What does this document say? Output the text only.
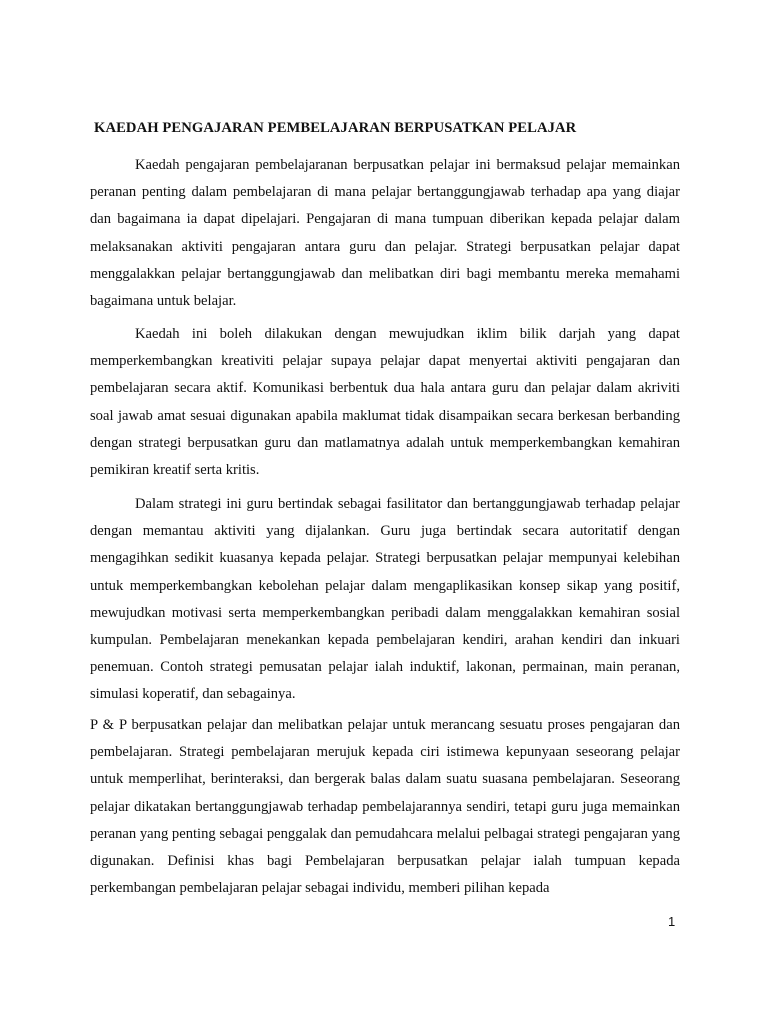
KAEDAH PENGAJARAN PEMBELAJARAN BERPUSATKAN PELAJAR

Kaedah pengajaran pembelajaranan berpusatkan pelajar ini bermaksud pelajar memainkan peranan penting dalam pembelajaran di mana pelajar bertanggungjawab terhadap apa yang diajar dan bagaimana ia dapat dipelajari. Pengajaran di mana tumpuan diberikan kepada pelajar dalam melaksanakan aktiviti pengajaran antara guru dan pelajar. Strategi berpusatkan pelajar dapat menggalakkan pelajar bertanggungjawab dan melibatkan diri bagi membantu mereka memahami bagaimana untuk belajar.

Kaedah ini boleh dilakukan dengan mewujudkan iklim bilik darjah yang dapat memperkembangkan kreativiti pelajar supaya pelajar dapat menyertai aktiviti pengajaran dan pembelajaran secara aktif. Komunikasi berbentuk dua hala antara guru dan pelajar dalam akriviti soal jawab amat sesuai digunakan apabila maklumat tidak disampaikan secara berkesan berbanding dengan strategi berpusatkan guru dan matlamatnya adalah untuk memperkembangkan kemahiran pemikiran kreatif serta kritis.

Dalam strategi ini guru bertindak sebagai fasilitator dan bertanggungjawab terhadap pelajar dengan memantau aktiviti yang dijalankan. Guru juga bertindak secara autoritatif dengan mengagihkan sedikit kuasanya kepada pelajar. Strategi berpusatkan pelajar mempunyai kelebihan untuk memperkembangkan kebolehan pelajar dalam mengaplikasikan konsep sikap yang positif, mewujudkan motivasi serta memperkembangkan peribadi dalam menggalakkan kemahiran sosial kumpulan. Pembelajaran menekankan kepada pembelajaran kendiri, arahan kendiri dan inkuari penemuan. Contoh strategi pemusatan pelajar ialah induktif, lakonan, permainan, main peranan, simulasi koperatif, dan sebagainya.

P & P berpusatkan pelajar dan melibatkan pelajar untuk merancang sesuatu proses pengajaran dan pembelajaran. Strategi pembelajaran merujuk kepada ciri istimewa kepunyaan seseorang pelajar untuk memperlihat, berinteraksi, dan bergerak balas dalam suatu suasana pembelajaran. Seseorang pelajar dikatakan bertanggungjawab terhadap pembelajarannya sendiri, tetapi guru juga memainkan peranan yang penting sebagai penggalak dan pemudahcara melalui pelbagai strategi pengajaran yang digunakan. Definisi khas bagi Pembelajaran berpusatkan pelajar ialah tumpuan kepada perkembangan pembelajaran pelajar sebagai individu, memberi pilihan kepada

1
